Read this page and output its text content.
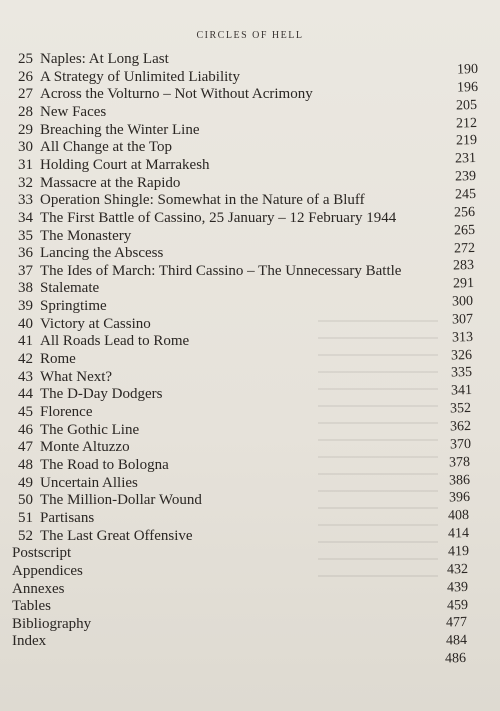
CIRCLES OF HELL
25 Naples: At Long Last
26 A Strategy of Unlimited Liability
27 Across the Volturno – Not Without Acrimony
28 New Faces
29 Breaching the Winter Line
30 All Change at the Top
31 Holding Court at Marrakesh
32 Massacre at the Rapido
33 Operation Shingle: Somewhat in the Nature of a Bluff
34 The First Battle of Cassino, 25 January – 12 February 1944
35 The Monastery
36 Lancing the Abscess
37 The Ides of March: Third Cassino – The Unnecessary Battle
38 Stalemate
39 Springtime
40 Victory at Cassino
41 All Roads Lead to Rome
42 Rome
43 What Next?
44 The D-Day Dodgers
45 Florence
46 The Gothic Line
47 Monte Altuzzo
48 The Road to Bologna
49 Uncertain Allies
50 The Million-Dollar Wound
51 Partisans
52 The Last Great Offensive
Postscript
Appendices
Annexes
Tables
Bibliography
Index
190
196
205
212
219
231
239
245
256
265
272
283
291
300
307
313
326
335
341
352
362
370
378
386
396
408
414
419
432
439
459
477
484
486
